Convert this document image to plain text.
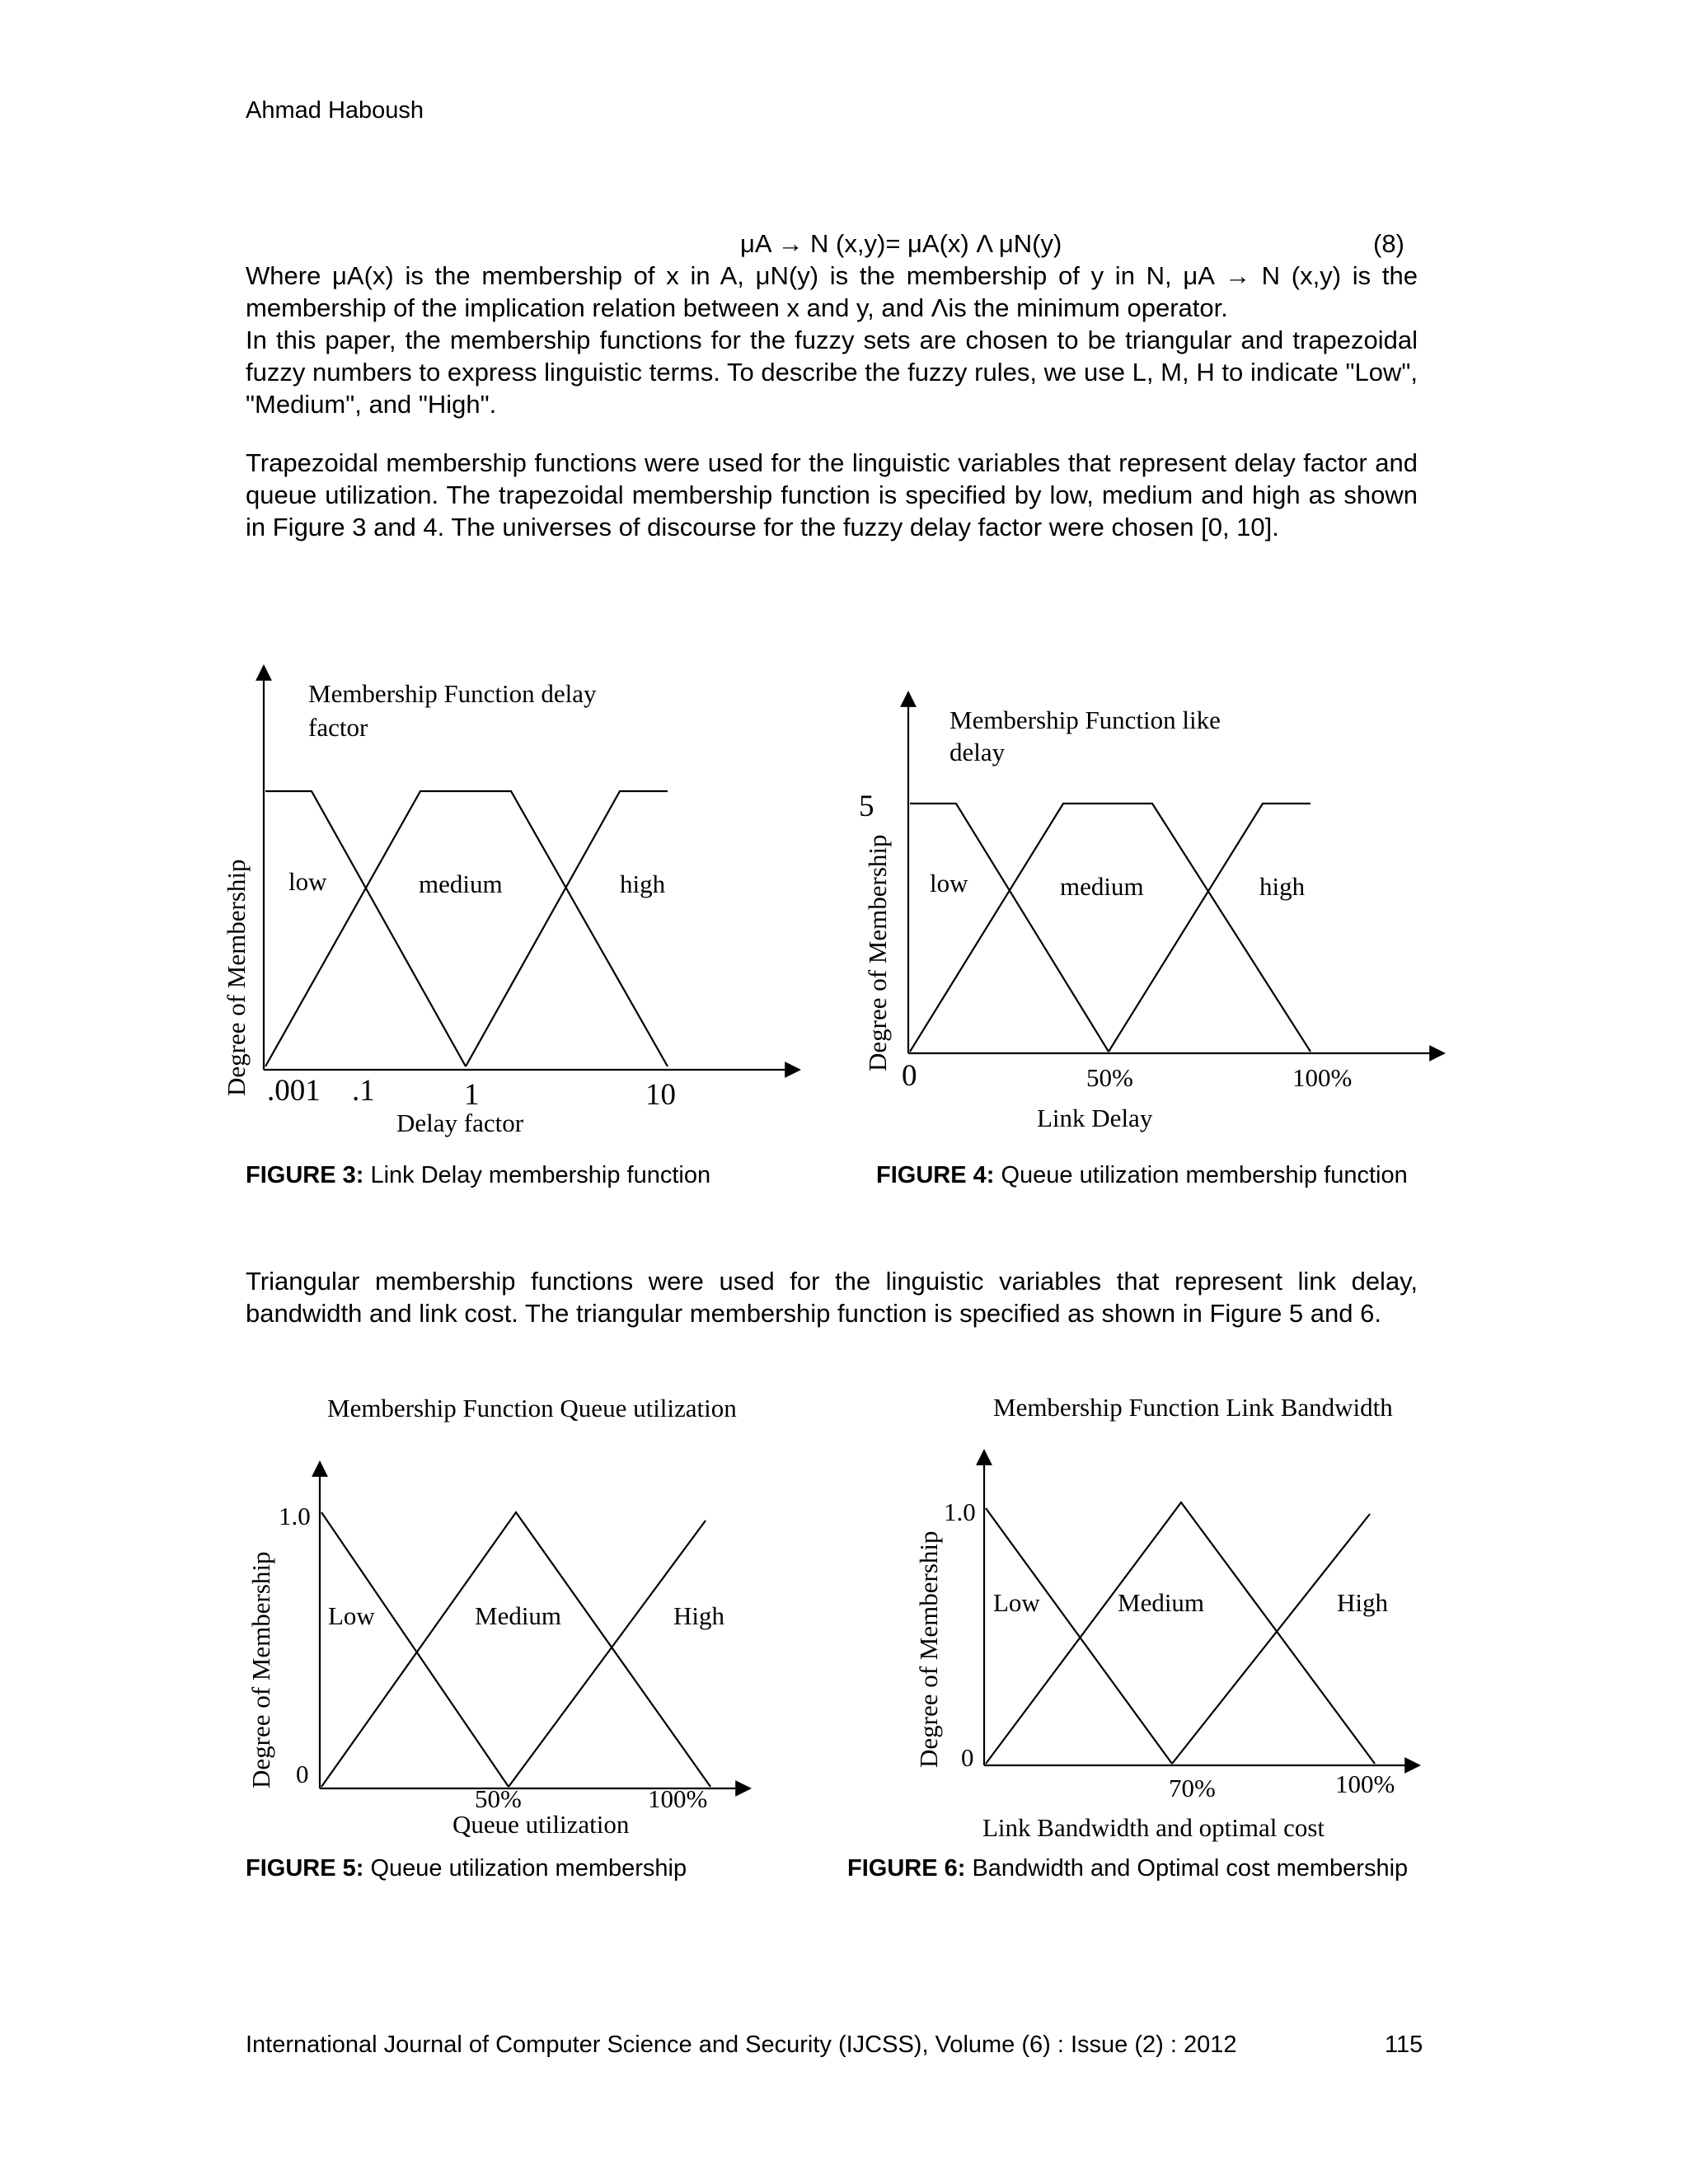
Ahmad Haboush
μA → N (x,y)= μA(x) Λ μN(y)	(8)

Where μA(x) is the membership of x in A, μN(y) is the membership of y in N, μA → N (x,y) is the membership of the implication relation between x and y, and Λis the minimum operator.

In this paper, the membership functions for the fuzzy sets are chosen to be triangular and trapezoidal fuzzy numbers to express linguistic terms. To describe the fuzzy rules, we use L, M, H to indicate "Low", "Medium", and "High".

Trapezoidal membership functions were used for the linguistic variables that represent delay factor and queue utilization. The trapezoidal membership function is specified by low, medium and high as shown in Figure 3 and 4. The universes of discourse for the fuzzy delay factor were chosen [0, 10].

Triangular membership functions were used for the linguistic variables that represent link delay, bandwidth and link cost. The triangular membership function is specified as shown in Figure 5 and 6.

Membership Function delay
factor
Degree of Membership low	medium	high
.001 .1	1	10
Delay factor
Membership Function like
delay
5
Degree of Membership low	medium	high
0	50%	100%
Link Delay
Membership Function Queue utilization
1.0
0
Degree of Membership Low	Medium	High
50%	100%
Queue utilization
Membership Function Link Bandwidth
1.0
0
Degree of Membership Low	Medium	High
70%	100%
Link Bandwidth and optimal cost
FIGURE 3: Link Delay membership function	FIGURE 4: Queue utilization membership function
FIGURE 5: Queue utilization membership	FIGURE 6: Bandwidth and Optimal cost membership
International Journal of Computer Science and Security (IJCSS), Volume (6) : Issue (2) : 2012	115
